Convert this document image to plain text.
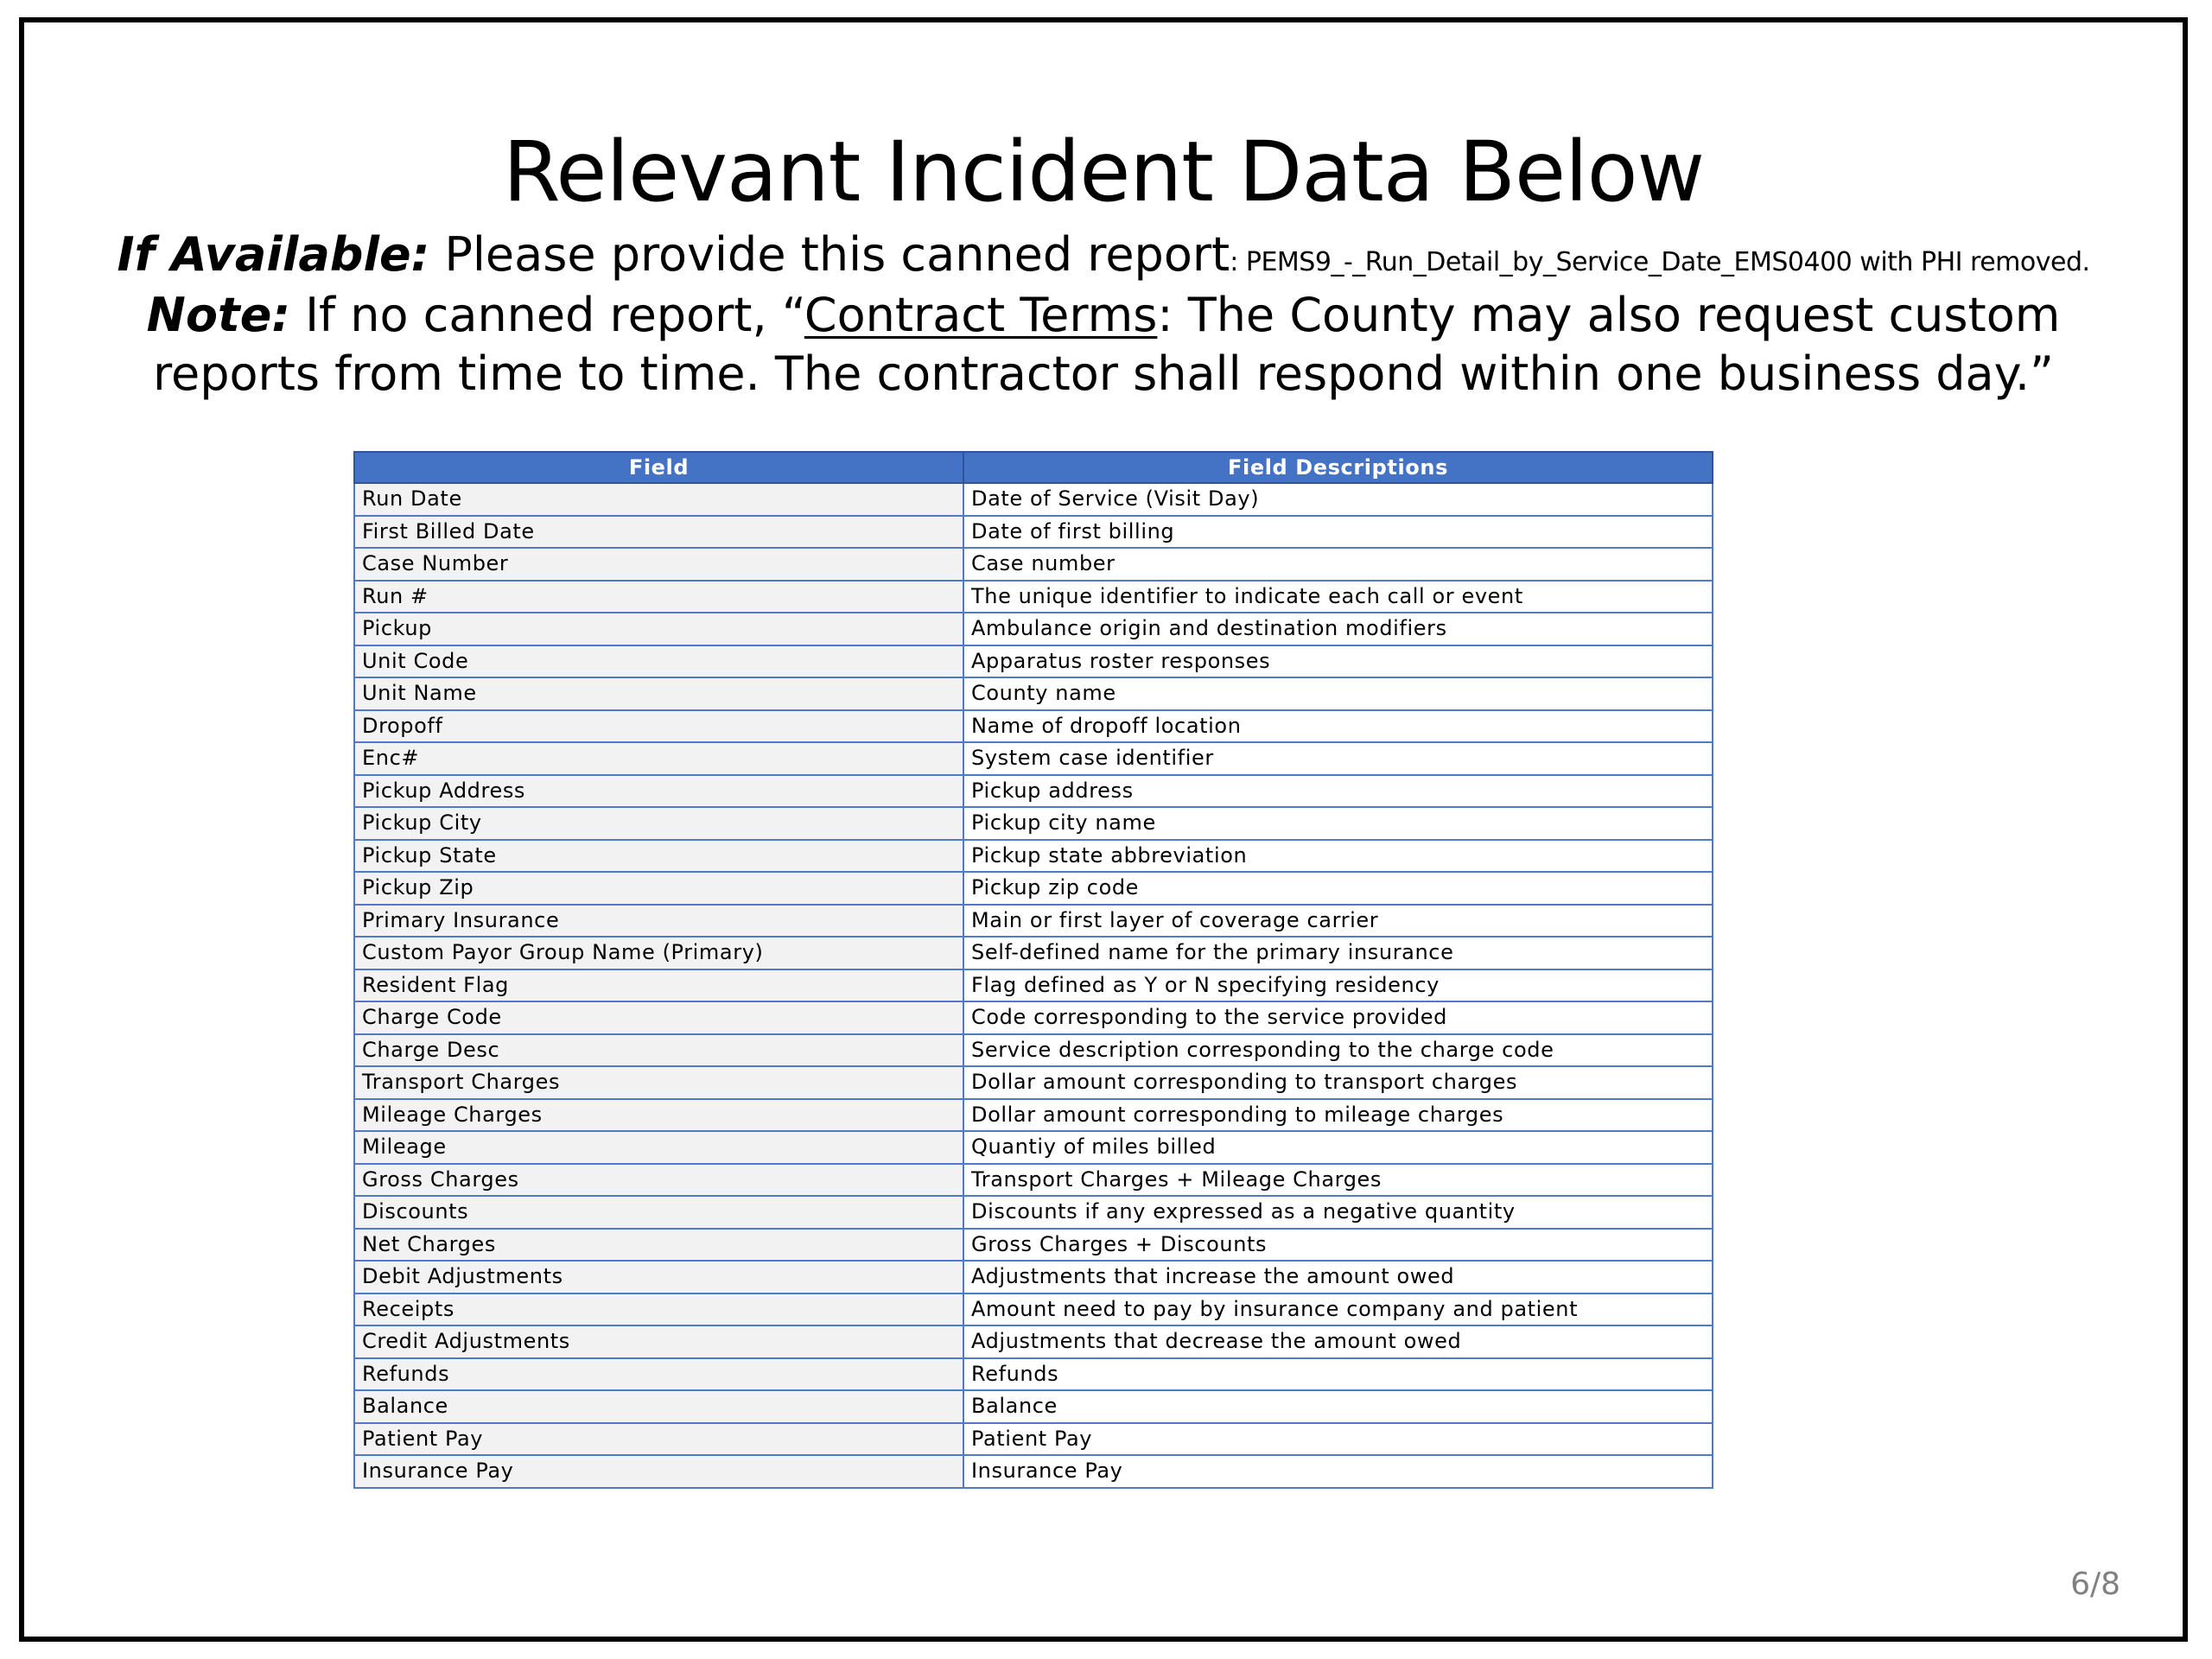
Relevant Incident Data Below
If Available: Please provide this canned report: PEMS9_-_Run_Detail_by_Service_Date_EMS0400 with PHI removed.
Note: If no canned report, “Contract Terms: The County may also request custom
reports from time to time. The contractor shall respond within one business day.”
Field	Field Descriptions
Run Date	Date of Service (Visit Day)
First Billed Date	Date of first billing
Case Number	Case number
Run #	The unique identifier to indicate each call or event
Pickup	Ambulance origin and destination modifiers
Unit Code	Apparatus roster responses
Unit Name	County name
Dropoff	Name of dropoff location
Enc#	System case identifier
Pickup Address	Pickup address
Pickup City	Pickup city name
Pickup State	Pickup state abbreviation
Pickup Zip	Pickup zip code
Primary Insurance	Main or first layer of coverage carrier
Custom Payor Group Name (Primary)	Self-defined name for the primary insurance
Resident Flag	Flag defined as Y or N specifying residency
Charge Code	Code corresponding to the service provided
Charge Desc	Service description corresponding to the charge code
Transport Charges	Dollar amount corresponding to transport charges
Mileage Charges	Dollar amount corresponding to mileage charges
Mileage	Quantiy of miles billed
Gross Charges	Transport Charges + Mileage Charges
Discounts	Discounts if any expressed as a negative quantity
Net Charges	Gross Charges + Discounts
Debit Adjustments	Adjustments that increase the amount owed
Receipts	Amount need to pay by insurance company and patient
Credit Adjustments	Adjustments that decrease the amount owed
Refunds	Refunds
Balance	Balance
Patient Pay	Patient Pay
Insurance Pay	Insurance Pay
6/8
